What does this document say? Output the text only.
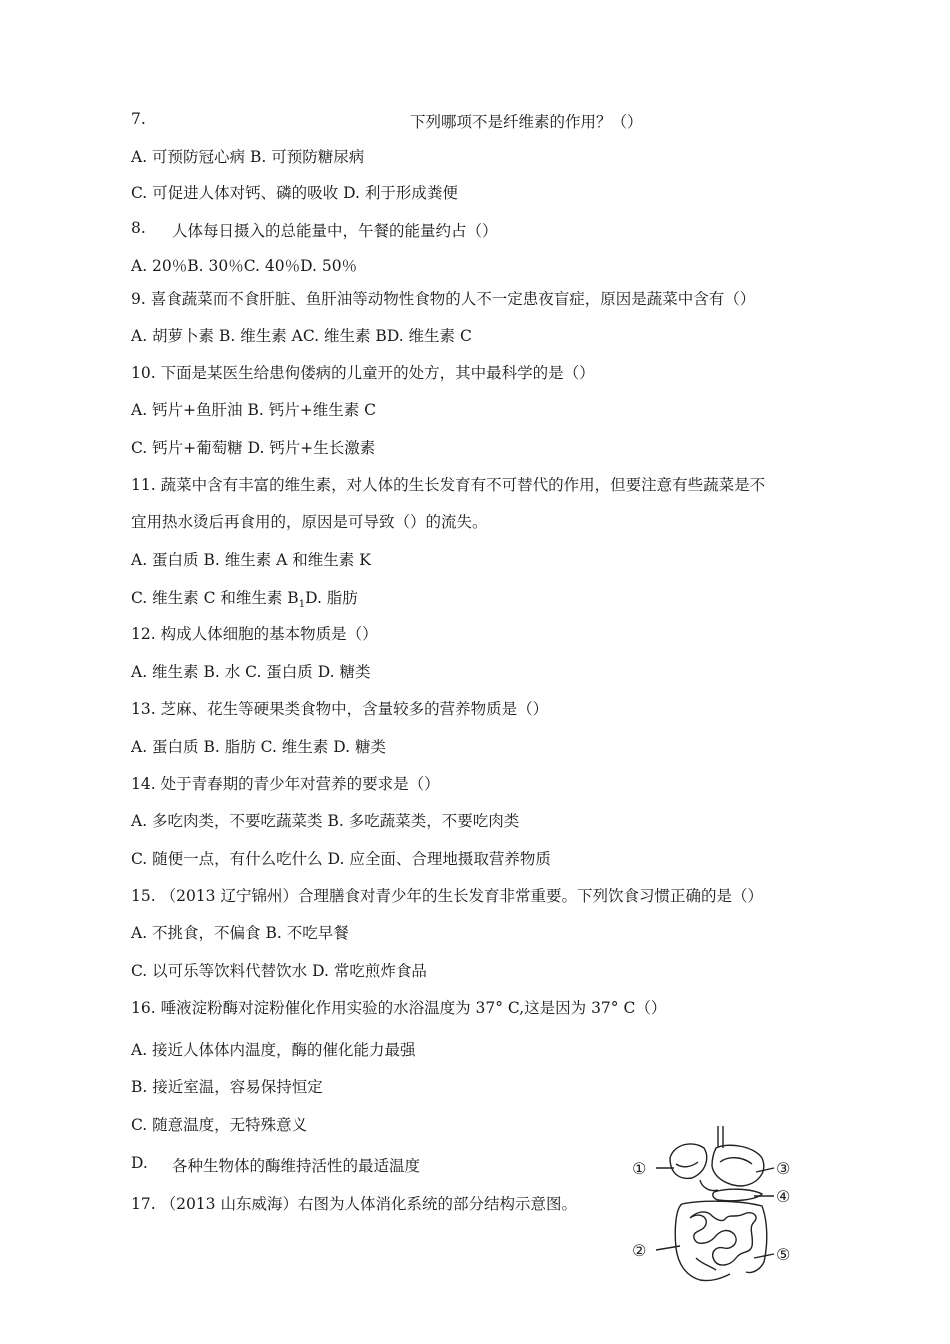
7.	下列哪项不是纤维素的作用？（）
A. 可预防冠心病 B. 可预防糖尿病
C. 可促进人体对钙、磷的吸收 D. 利于形成粪便
8. 人体每日摄入的总能量中，午餐的能量约占（）
A. 20％B. 30％C. 40％D. 50％
9. 喜食蔬菜而不食肝脏、鱼肝油等动物性食物的人不一定患夜盲症，原因是蔬菜中含有（）
A. 胡萝卜素 B. 维生素 AC. 维生素 BD. 维生素 C
10. 下面是某医生给患佝偻病的儿童开的处方，其中最科学的是（）
A. 钙片+鱼肝油 B. 钙片+维生素 C
C. 钙片+葡萄糖 D. 钙片+生长激素
11. 蔬菜中含有丰富的维生素，对人体的生长发育有不可替代的作用，但要注意有些蔬菜是不
宜用热水烫后再食用的，原因是可导致（）的流失。
A. 蛋白质 B. 维生素 A 和维生素 K
C. 维生素 C 和维生素 $B_1D$. 脂肪
12. 构成人体细胞的基本物质是（）
A. 维生素 B. 水 C. 蛋白质 D. 糖类
13. 芝麻、花生等硬果类食物中，含量较多的营养物质是（）
A. 蛋白质 B. 脂肪 C. 维生素 D. 糖类
14. 处于青春期的青少年对营养的要求是（）
A. 多吃肉类，不要吃蔬菜类 B. 多吃蔬菜类，不要吃肉类
C. 随便一点，有什么吃什么 D. 应全面、合理地摄取营养物质
15. （2013 辽宁锦州）合理膳食对青少年的生长发育非常重要。下列饮食习惯正确的是（）
A. 不挑食，不偏食 B. 不吃早餐
C. 以可乐等饮料代替饮水 D. 常吃煎炸食品
16. 唾液淀粉酶对淀粉催化作用实验的水浴温度为 37° C,这是因为 37° C（）
A. 接近人体体内温度，酶的催化能力最强
B. 接近室温，容易保持恒定
C. 随意温度，无特殊意义
D. 各种生物体的酶维持活性的最适温度
17. （2013 山东威海）右图为人体消化系统的部分结构示意图。
①
②
③
④
⑤
